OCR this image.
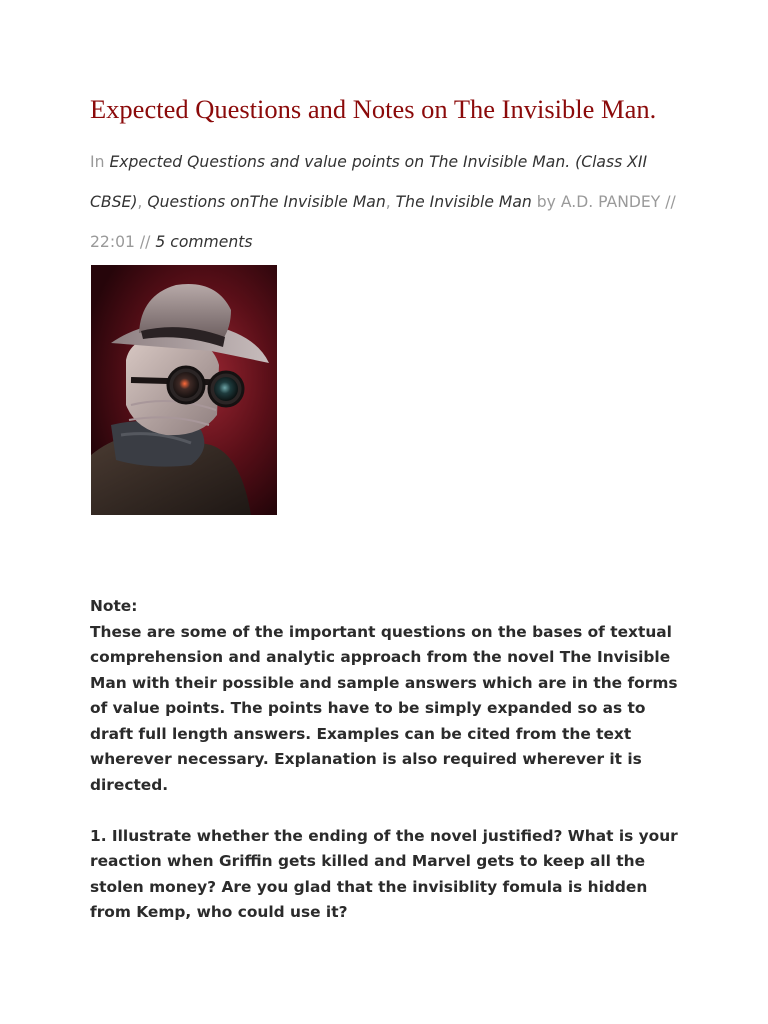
Expected Questions and Notes on The Invisible Man.
In Expected Questions and value points on The Invisible Man. (Class XII CBSE), Questions onThe Invisible Man, The Invisible Man by A.D. PANDEY // 22:01 // 5 comments

Note:

These are some of the important questions on the bases of textual comprehension and analytic approach from the novel The Invisible Man with their possible and sample answers which are in the forms of value points. The points have to be simply expanded so as to draft full length answers. Examples can be cited from the text wherever necessary. Explanation is also required wherever it is directed.

1. Illustrate whether the ending of the novel justified? What is your reaction when Griffin gets killed and Marvel gets to keep all the stolen money? Are you glad that the invisiblity fomula is hidden from Kemp, who could use it?
